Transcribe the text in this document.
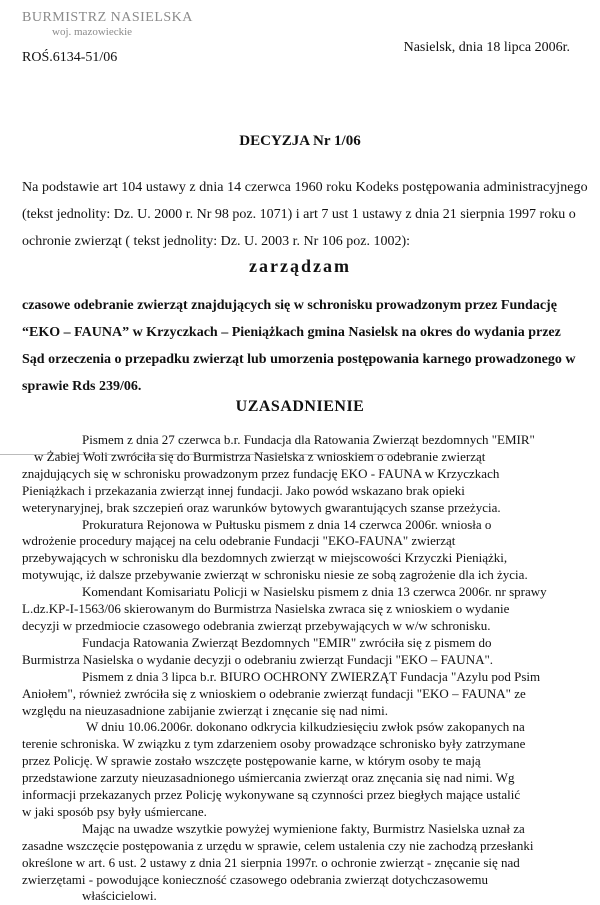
BURMISTRZ NASIELSKA
woj. mazowieckie
ROŚ.6134-51/06
Nasielsk, dnia 18 lipca 2006r.
DECYZJA Nr 1/06
Na podstawie art 104 ustawy z dnia 14 czerwca 1960 roku Kodeks postępowania administracyjnego
(tekst jednolity: Dz. U. 2000 r. Nr 98 poz. 1071) i art 7 ust 1 ustawy z dnia 21 sierpnia 1997 roku o
ochronie zwierząt ( tekst jednolity: Dz. U. 2003 r. Nr 106 poz. 1002):
zarządzam
czasowe odebranie zwierząt znajdujących się w schronisku prowadzonym przez Fundację
“EKO – FAUNA” w Krzyczkach – Pieniążkach gmina Nasielsk na okres do wydania przez
Sąd orzeczenia o przepadku zwierząt lub umorzenia postępowania karnego prowadzonego w
sprawie Rds 239/06.
UZASADNIENIE
Pismem z dnia 27 czerwca b.r. Fundacja dla Ratowania Zwierząt bezdomnych "EMIR"
w Żabiej Woli zwróciła się do Burmistrza Nasielska z wnioskiem o odebranie zwierząt
znajdujących się w schronisku prowadzonym przez fundację EKO - FAUNA w Krzyczkach
Pieniążkach i przekazania zwierząt innej fundacji. Jako powód wskazano brak opieki
weterynaryjnej, brak szczepień oraz warunków bytowych gwarantujących szanse przeżycia.
Prokuratura Rejonowa w Pułtusku pismem z dnia 14 czerwca 2006r. wniosła o
wdrożenie procedury mającej na celu odebranie Fundacji "EKO-FAUNA" zwierząt
przebywających w schronisku dla bezdomnych zwierząt w miejscowości Krzyczki Pieniążki,
motywując, iż dalsze przebywanie zwierząt w schronisku niesie ze sobą zagrożenie dla ich życia.
Komendant Komisariatu Policji w Nasielsku pismem z dnia 13 czerwca 2006r. nr sprawy
L.dz.KP-I-1563/06 skierowanym do Burmistrza Nasielska zwraca się z wnioskiem o wydanie
decyzji w przedmiocie czasowego odebrania zwierząt przebywających w w/w schronisku.
Fundacja Ratowania Zwierząt Bezdomnych "EMIR" zwróciła się z pismem do
Burmistrza Nasielska o wydanie decyzji o odebraniu zwierząt Fundacji "EKO – FAUNA".
Pismem z dnia 3 lipca b.r. BIURO OCHRONY ZWIERZĄT Fundacja "Azylu pod Psim
Aniołem", również zwróciła się z wnioskiem o odebranie zwierząt fundacji "EKO – FAUNA" ze
względu na nieuzasadnione zabijanie zwierząt i znęcanie się nad nimi.
W dniu 10.06.2006r. dokonano odkrycia kilkudziesięciu zwłok psów zakopanych na
terenie schroniska. W związku z tym zdarzeniem osoby prowadzące schronisko były zatrzymane
przez Policję. W sprawie zostało wszczęte postępowanie karne, w którym osoby te mają
przedstawione zarzuty nieuzasadnionego uśmiercania zwierząt oraz znęcania się nad nimi. Wg
informacji przekazanych przez Policję wykonywane są czynności przez biegłych mające ustalić
w jaki sposób psy były uśmiercane.
Mając na uwadze wszytkie powyżej wymienione fakty, Burmistrz Nasielska uznał za
zasadne wszczęcie postępowania z urzędu w sprawie, celem ustalenia czy nie zachodzą przesłanki
określone w art. 6 ust. 2 ustawy z dnia 21 sierpnia 1997r. o ochronie zwierząt - znęcanie się nad
zwierzętami - powodujące konieczność czasowego odebrania zwierząt dotychczasowemu
właścicielowi.
